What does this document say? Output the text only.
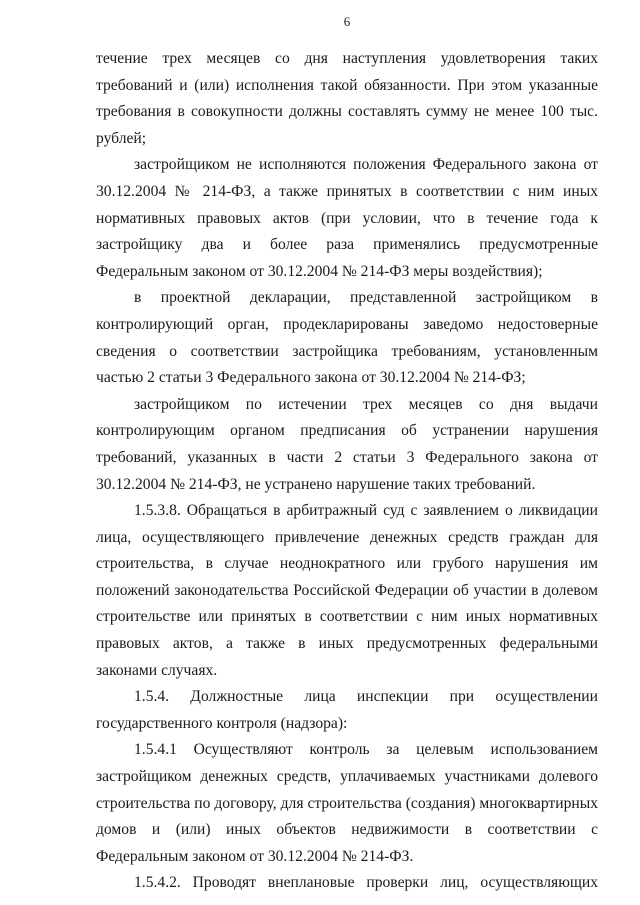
6

течение трех месяцев со дня наступления удовлетворения таких требований и (или) исполнения такой обязанности. При этом указанные требования в совокупности должны составлять сумму не менее 100 тыс. рублей;

застройщиком не исполняются положения Федерального закона от 30.12.2004 № 214-ФЗ, а также принятых в соответствии с ним иных нормативных правовых актов (при условии, что в течение года к застройщику два и более раза применялись предусмотренные Федеральным законом от 30.12.2004 № 214-ФЗ меры воздействия);

в проектной декларации, представленной застройщиком в контролирующий орган, продекларированы заведомо недостоверные сведения о соответствии застройщика требованиям, установленным частью 2 статьи 3 Федерального закона от 30.12.2004 № 214-ФЗ;

застройщиком по истечении трех месяцев со дня выдачи контролирующим органом предписания об устранении нарушения требований, указанных в части 2 статьи 3 Федерального закона от 30.12.2004 № 214-ФЗ, не устранено нарушение таких требований.

1.5.3.8. Обращаться в арбитражный суд с заявлением о ликвидации лица, осуществляющего привлечение денежных средств граждан для строительства, в случае неоднократного или грубого нарушения им положений законодательства Российской Федерации об участии в долевом строительстве или принятых в соответствии с ним иных нормативных правовых актов, а также в иных предусмотренных федеральными законами случаях.

1.5.4. Должностные лица инспекции при осуществлении государственного контроля (надзора):

1.5.4.1 Осуществляют контроль за целевым использованием застройщиком денежных средств, уплачиваемых участниками долевого строительства по договору, для строительства (создания) многоквартирных домов и (или) иных объектов недвижимости в соответствии с Федеральным законом от 30.12.2004 № 214-ФЗ.

1.5.4.2. Проводят внеплановые проверки лиц, осуществляющих
